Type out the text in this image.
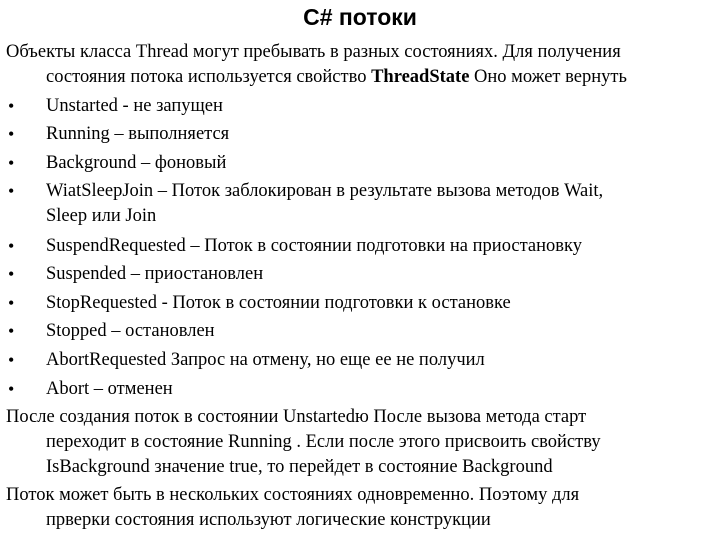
C# потоки
Объекты класса Thread могут пребывать в разных состояниях. Для получения
состояния потока используется свойство ThreadState Оно может вернуть
• Unstarted - не запущен
• Running – выполняется
• Background – фоновый
• WiatSleepJoin – Поток заблокирован в результате вызова методов Wait,
Sleep или Join
• SuspendRequested – Поток в состоянии подготовки на приостановку
• Suspended – приостановлен
• StopRequested - Поток в состоянии подготовки к остановке
• Stopped – остановлен
• AbortRequested Запрос на отмену, но еще ее не получил
• Abort – отменен
После создания поток в состоянии Unstartedю После вызова метода старт
переходит в состояние Running . Если после этого присвоить свойству
IsBackground значение true, то перейдет в состояние Background
Поток может быть в нескольких состояниях одновременно. Поэтому для
прверки состояния используют логические конструкции
